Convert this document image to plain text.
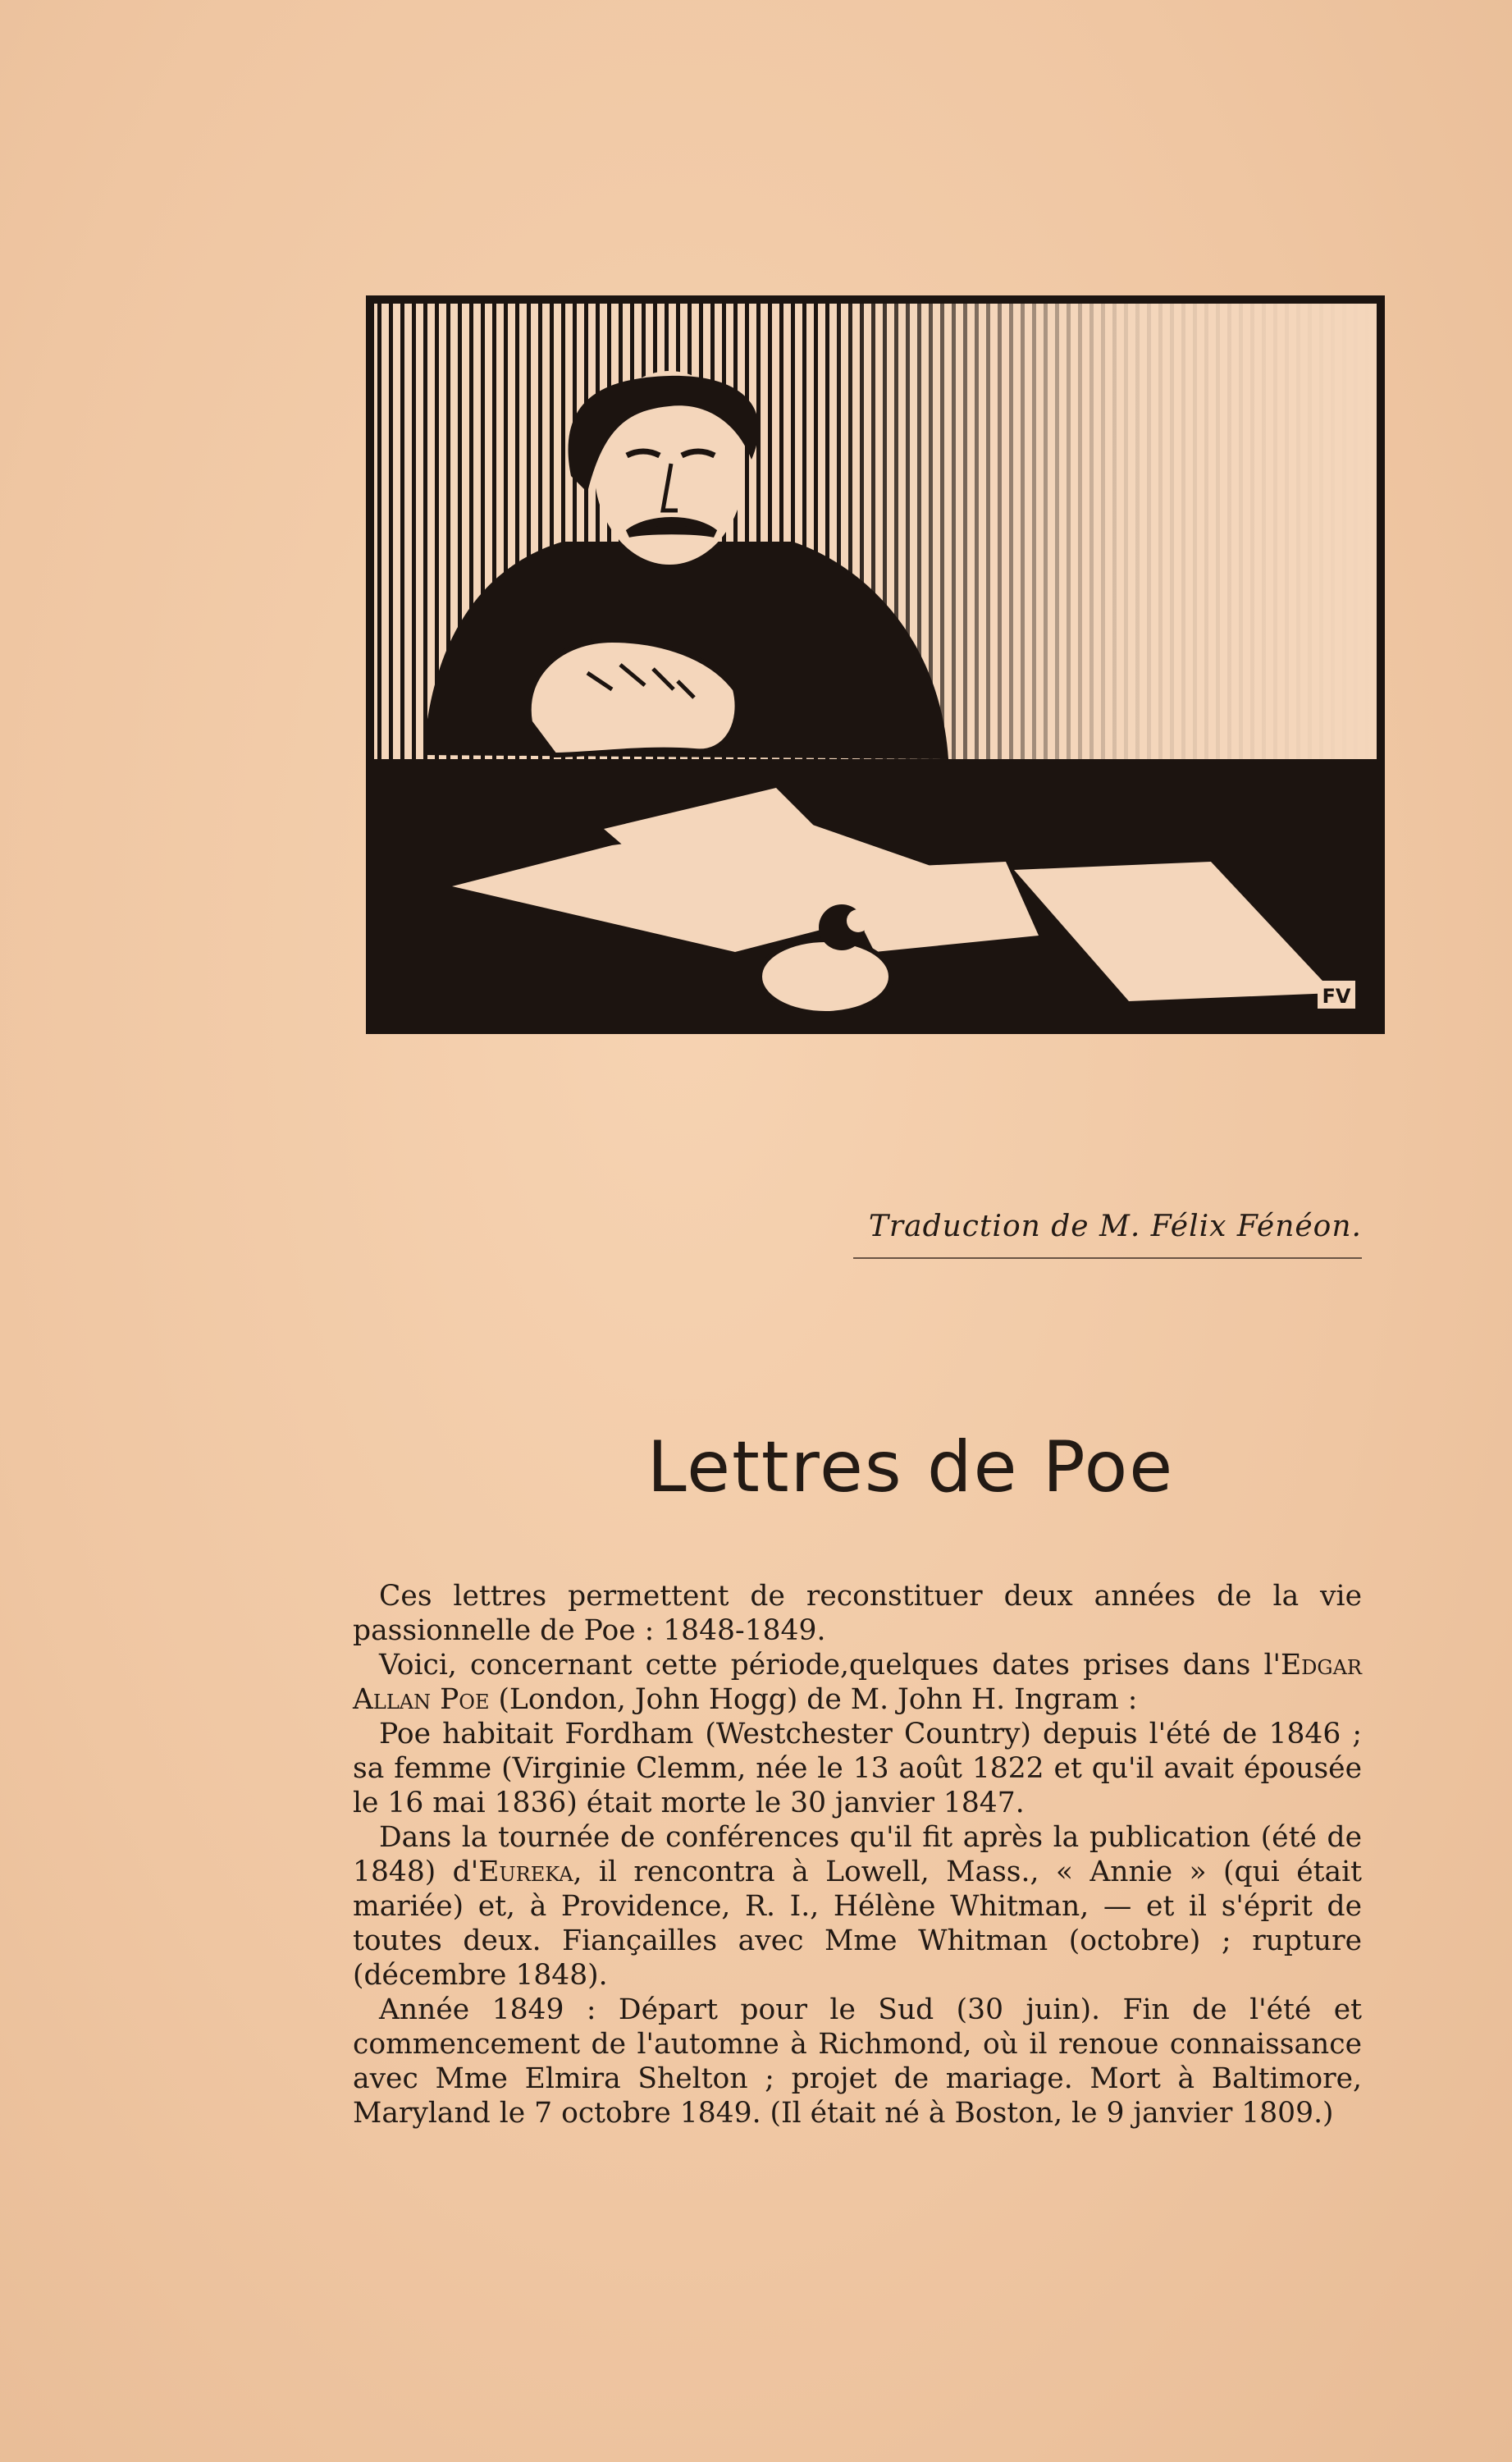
FV
Traduction de M. Félix Fénéon.
Lettres de Poe

Ces lettres permettent de reconstituer deux années de la vie passionnelle de Poe : 1848-1849.

Voici, concernant cette période,quelques dates prises dans l'Edgar Allan Poe (London, John Hogg) de M. John H. Ingram :

Poe habitait Fordham (Westchester Country) depuis l'été de 1846 ; sa femme (Virginie Clemm, née le 13 août 1822 et qu'il avait épousée le 16 mai 1836) était morte le 30 janvier 1847.

Dans la tournée de conférences qu'il fit après la publication (été de 1848) d'Eureka, il rencontra à Lowell, Mass., « Annie » (qui était mariée) et, à Providence, R. I., Hélène Whitman, — et il s'éprit de toutes deux. Fiançailles avec Mme Whitman (octobre) ; rupture (décembre 1848).

Année 1849 : Départ pour le Sud (30 juin). Fin de l'été et commencement de l'automne à Richmond, où il renoue connaissance avec Mme Elmira Shelton ; projet de mariage. Mort à Baltimore, Maryland le 7 octobre 1849. (Il était né à Boston, le 9 janvier 1809.)
